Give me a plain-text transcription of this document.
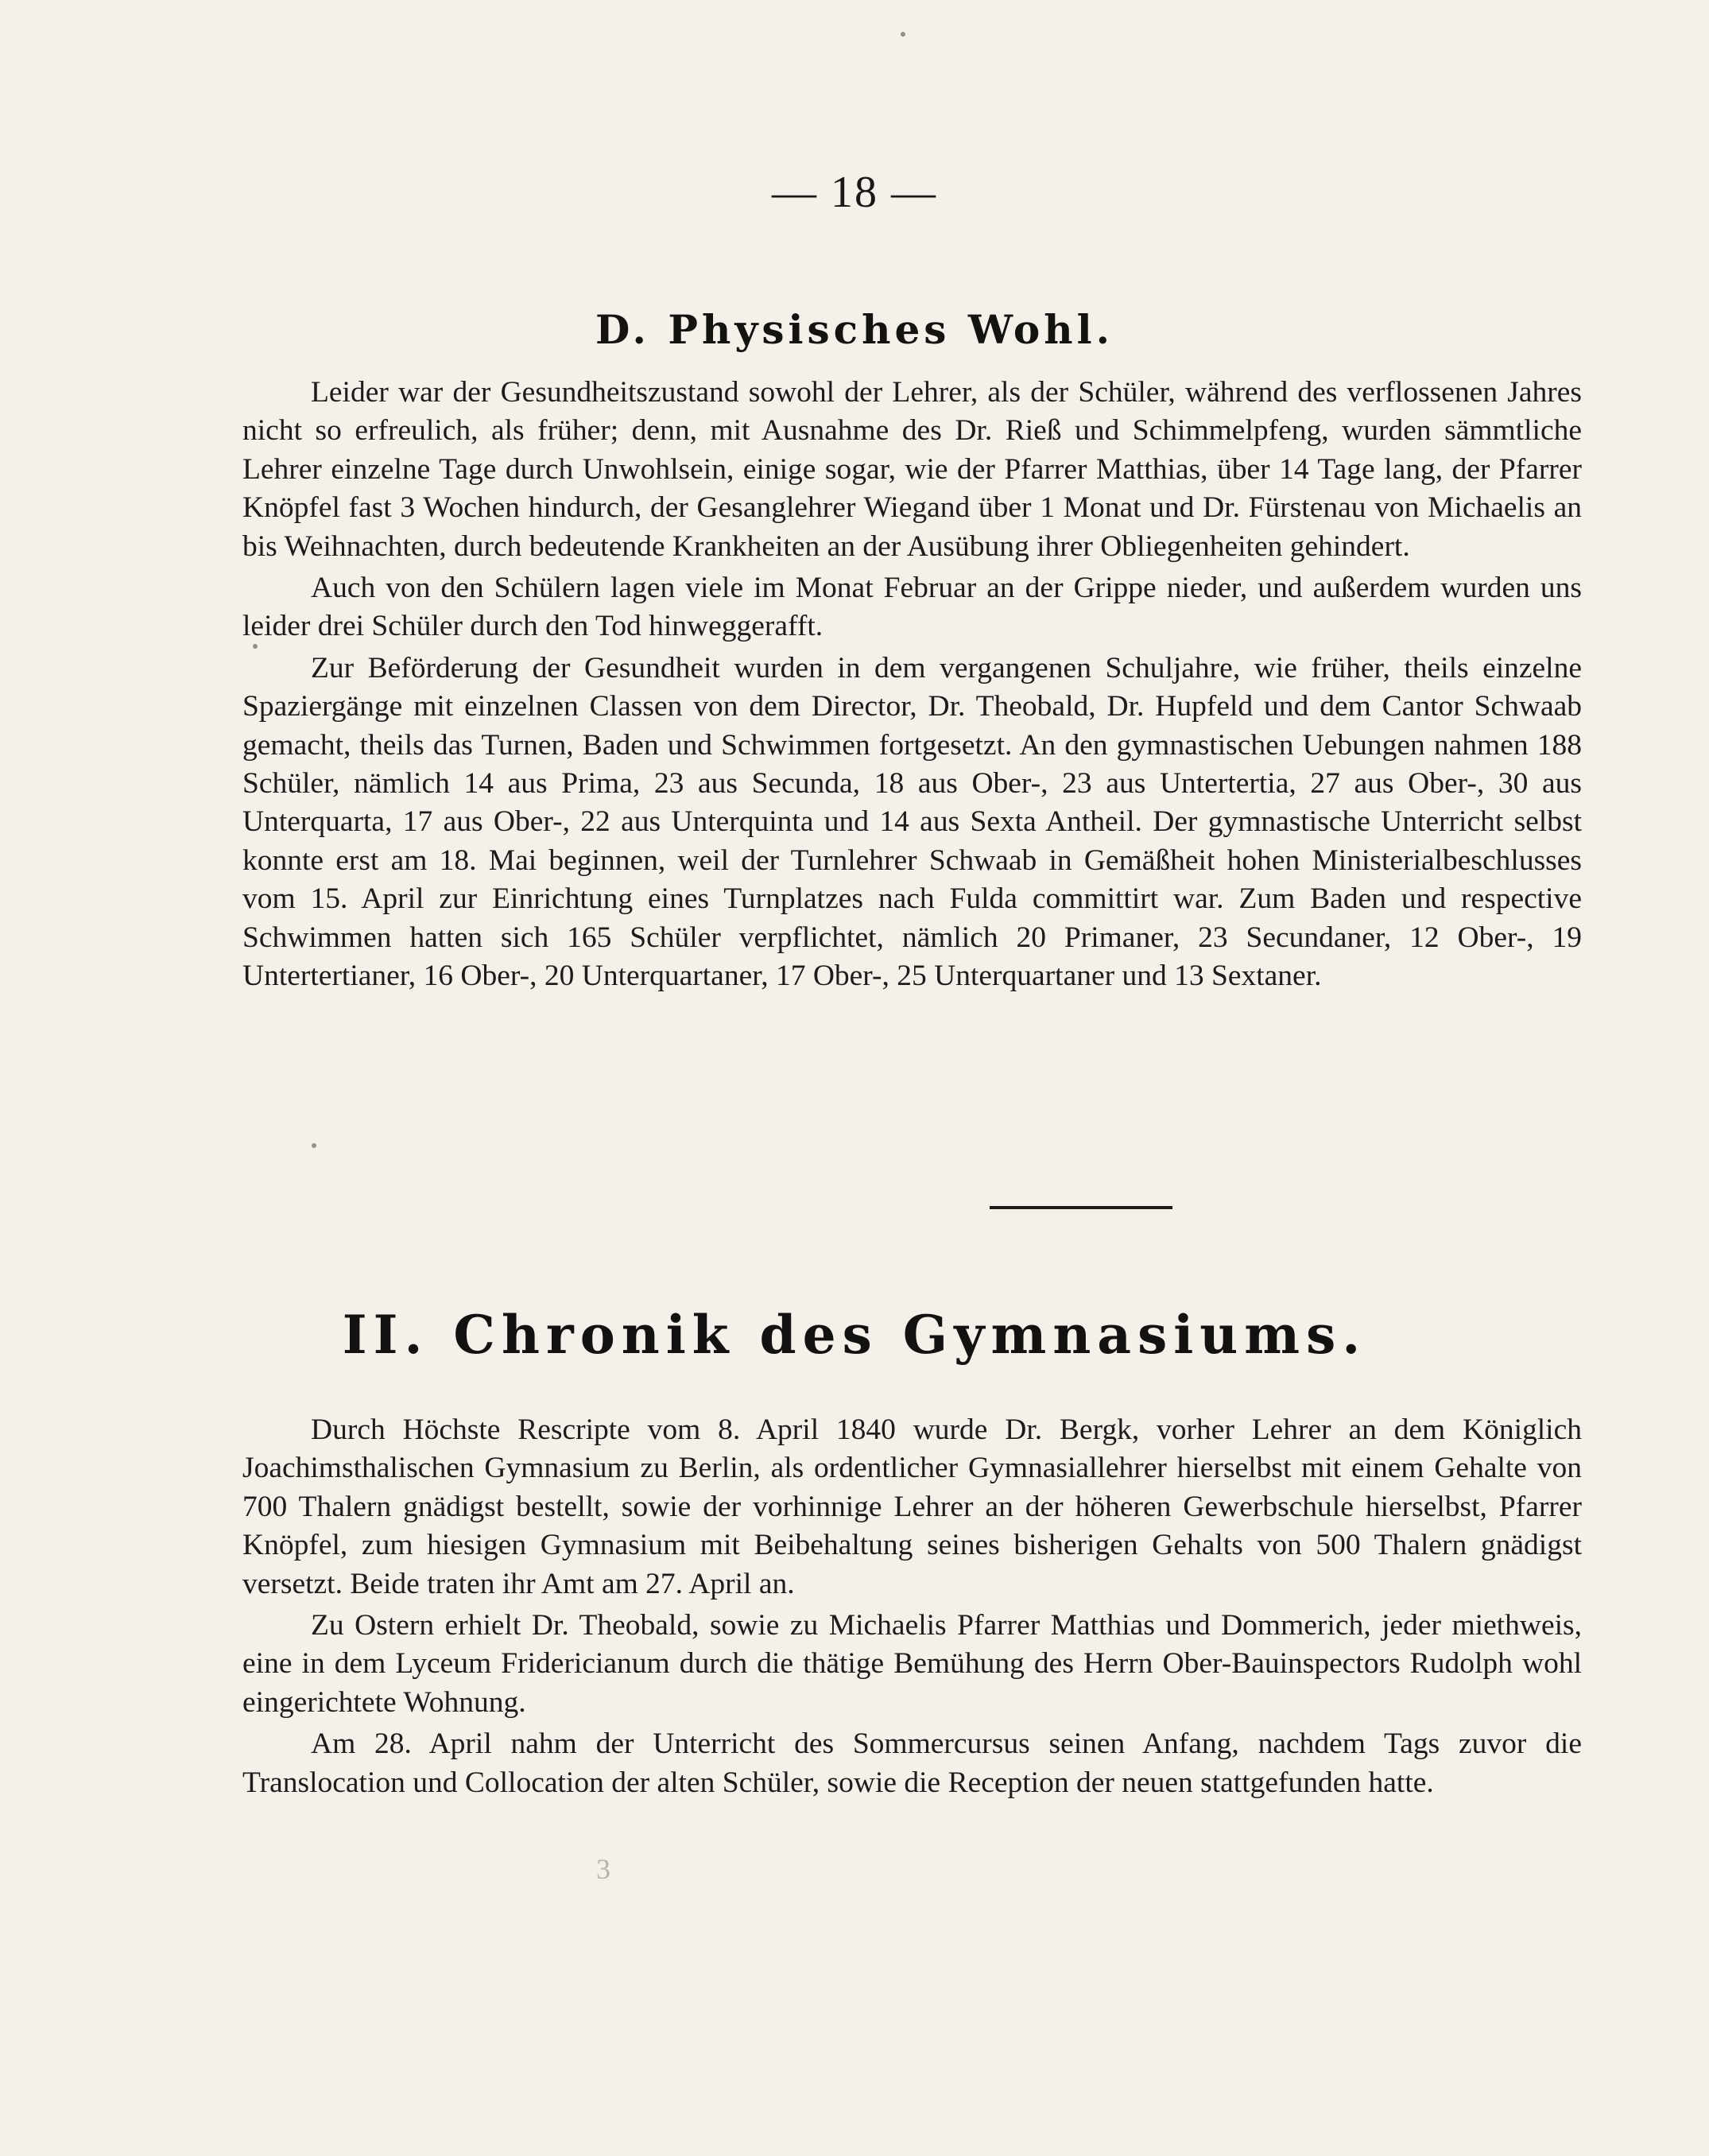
— 18 —
D. Physisches Wohl.

Leider war der Gesundheitszustand sowohl der Lehrer, als der Schüler, während des verflossenen Jahres nicht so erfreulich, als früher; denn, mit Ausnahme des Dr. Rieß und Schimmelpfeng, wurden sämmtliche Lehrer einzelne Tage durch Unwohlsein, einige sogar, wie der Pfarrer Matthias, über 14 Tage lang, der Pfarrer Knöpfel fast 3 Wochen hindurch, der Gesanglehrer Wiegand über 1 Monat und Dr. Fürstenau von Michaelis an bis Weihnachten, durch bedeutende Krankheiten an der Ausübung ihrer Obliegenheiten gehindert.

Auch von den Schülern lagen viele im Monat Februar an der Grippe nieder, und außerdem wurden uns leider drei Schüler durch den Tod hinweggerafft.

Zur Beförderung der Gesundheit wurden in dem vergangenen Schuljahre, wie früher, theils einzelne Spaziergänge mit einzelnen Classen von dem Director, Dr. Theobald, Dr. Hupfeld und dem Cantor Schwaab gemacht, theils das Turnen, Baden und Schwimmen fortgesetzt. An den gymnastischen Uebungen nahmen 188 Schüler, nämlich 14 aus Prima, 23 aus Secunda, 18 aus Ober-, 23 aus Untertertia, 27 aus Ober-, 30 aus Unterquarta, 17 aus Ober-, 22 aus Unterquinta und 14 aus Sexta Antheil. Der gymnastische Unterricht selbst konnte erst am 18. Mai beginnen, weil der Turnlehrer Schwaab in Gemäßheit hohen Ministerialbeschlusses vom 15. April zur Einrichtung eines Turnplatzes nach Fulda committirt war. Zum Baden und respective Schwimmen hatten sich 165 Schüler verpflichtet, nämlich 20 Primaner, 23 Secundaner, 12 Ober-, 19 Untertertianer, 16 Ober-, 20 Unterquartaner, 17 Ober-, 25 Unterquartaner und 13 Sextaner.

II. Chronik des Gymnasiums.

Durch Höchste Rescripte vom 8. April 1840 wurde Dr. Bergk, vorher Lehrer an dem Königlich Joachimsthalischen Gymnasium zu Berlin, als ordentlicher Gymnasiallehrer hierselbst mit einem Gehalte von 700 Thalern gnädigst bestellt, sowie der vorhinnige Lehrer an der höheren Gewerbschule hierselbst, Pfarrer Knöpfel, zum hiesigen Gymnasium mit Beibehaltung seines bisherigen Gehalts von 500 Thalern gnädigst versetzt. Beide traten ihr Amt am 27. April an.

Zu Ostern erhielt Dr. Theobald, sowie zu Michaelis Pfarrer Matthias und Dommerich, jeder miethweis, eine in dem Lyceum Fridericianum durch die thätige Bemühung des Herrn Ober-Bauinspectors Rudolph wohl eingerichtete Wohnung.

Am 28. April nahm der Unterricht des Sommercursus seinen Anfang, nachdem Tags zuvor die Translocation und Collocation der alten Schüler, sowie die Reception der neuen stattgefunden hatte.

3
